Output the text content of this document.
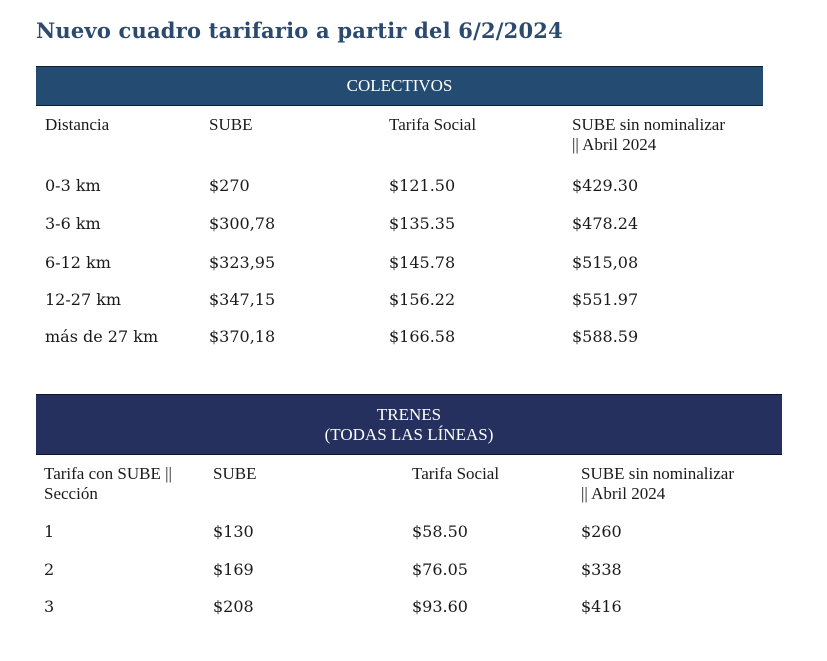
Nuevo cuadro tarifario a partir del 6/2/2024
COLECTIVOS
Distancia	SUBE	Tarifa Social	SUBE sin nominalizar
|| Abril 2024
0-3 km	$270	$121.50	$429.30
3-6 km	$300,78	$135.35	$478.24
6-12 km	$323,95	$145.78	$515,08
12-27 km	$347,15	$156.22	$551.97
más de 27 km	$370,18	$166.58	$588.59
TRENES
(TODAS LAS LÍNEAS)
Tarifa con SUBE ||
Sección
SUBE	Tarifa Social	SUBE sin nominalizar
|| Abril 2024
1	$130	$58.50	$260
2	$169	$76.05	$338
3	$208	$93.60	$416
